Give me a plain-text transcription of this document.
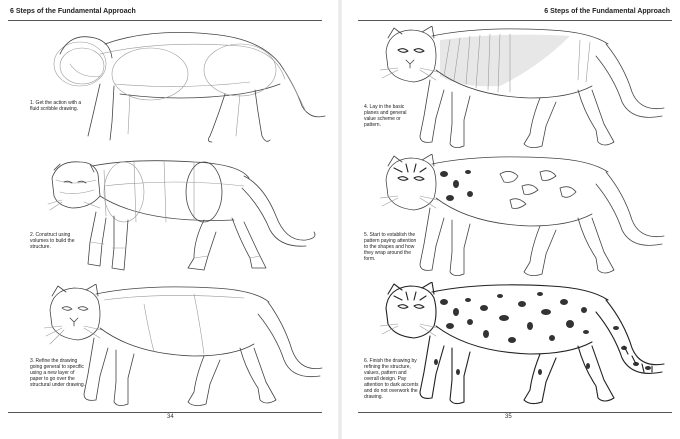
6 Steps of the Fundamental Approach
1. Get the action with a fluid scribble drawing.
2. Construct using volumes to build the structure.
3. Refine the drawing going general to specific using a new layer of paper to go over the structural under drawing.
34
6 Steps of the Fundamental Approach
4. Lay in the basic planes and general value scheme or pattern.
5. Start to establish the pattern paying attention to the shapes and how they wrap around the form.
6. Finish the drawing by refining the structure, values, pattern and overall design. Pay attention to dark accents and do not overwork the drawing.
35
